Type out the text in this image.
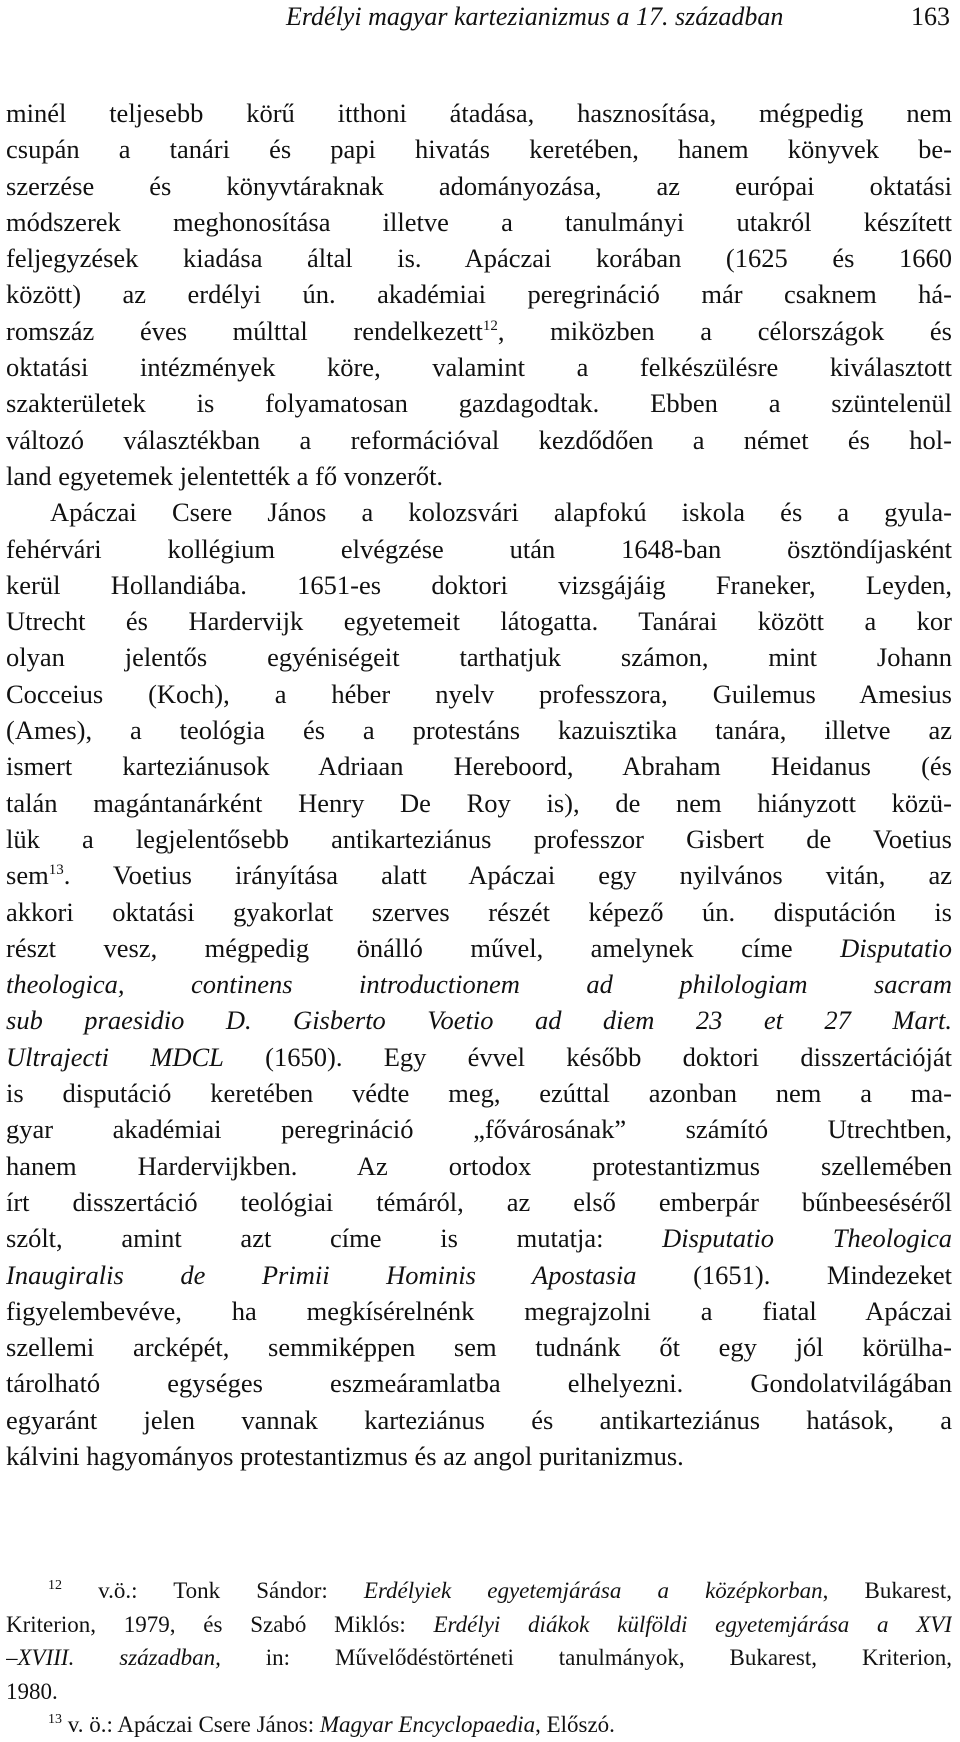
Erdélyi magyar kartezianizmus a 17. században	163
minél teljesebb körű itthoni átadása, hasznosítása, mégpedig nem
csupán a tanári és papi hivatás keretében, hanem könyvek be-
szerzése és könyvtáraknak adományozása, az európai oktatási
módszerek meghonosítása illetve a tanulmányi utakról készített
feljegyzések kiadása által is. Apáczai korában (1625 és 1660
között) az erdélyi ún. akadémiai peregrináció már csaknem há-
romszáz éves múlttal rendelkezett$^{12}$, miközben a célországok és
oktatási intézmények köre, valamint a felkészülésre kiválasztott
szakterületek is folyamatosan gazdagodtak. Ebben a szüntelenül
változó választékban a reformációval kezdődően a német és hol-
land egyetemek jelentették a fő vonzerőt.
Apáczai Csere János a kolozsvári alapfokú iskola és a gyula-
fehérvári kollégium elvégzése után 1648-ban ösztöndíjasként
kerül Hollandiába. 1651-es doktori vizsgájáig Franeker, Leyden,
Utrecht és Hardervijk egyetemeit látogatta. Tanárai között a kor
olyan jelentős egyéniségeit tarthatjuk számon, mint Johann
Cocceius (Koch), a héber nyelv professzora, Guilemus Amesius
(Ames), a teológia és a protestáns kazuisztika tanára, illetve az
ismert karteziánusok Adriaan Hereboord, Abraham Heidanus (és
talán magántanárként Henry De Roy is), de nem hiányzott közü-
lük a legjelentősebb antikarteziánus professzor Gisbert de Voetius
sem$^{13}$. Voetius irányítása alatt Apáczai egy nyilvános vitán, az
akkori oktatási gyakorlat szerves részét képező ún. disputáción is
részt vesz, mégpedig önálló művel, amelynek címe Disputatio
theologica, continens introductionem ad philologiam sacram
sub praesidio D. Gisberto Voetio ad diem 23 et 27 Mart.
Ultrajecti MDCL (1650). Egy évvel később doktori disszertációját
is disputáció keretében védte meg, ezúttal azonban nem a ma-
gyar akadémiai peregrináció „fővárosának” számító Utrechtben,
hanem Hardervijkben. Az ortodox protestantizmus szellemében
írt disszertáció teológiai témáról, az első emberpár bűnbeeséséről
szólt, amint azt címe is mutatja: Disputatio Theologica
Inaugiralis de Primii Hominis Apostasia (1651). Mindezeket
figyelembevéve, ha megkísérelnénk megrajzolni a fiatal Apáczai
szellemi arcképét, semmiképpen sem tudnánk őt egy jól körülha-
tárolható egységes eszmeáramlatba elhelyezni. Gondolatvilágában
egyaránt jelen vannak karteziánus és antikarteziánus hatások, a
kálvini hagyományos protestantizmus és az angol puritanizmus.
$^{12}$ v.ö.: Tonk Sándor: Erdélyiek egyetemjárása a középkorban, Bukarest,
Kriterion, 1979, és Szabó Miklós: Erdélyi diákok külföldi egyetemjárása a XVI
–XVIII. században, in: Művelődéstörténeti tanulmányok, Bukarest, Kriterion,
1980.
$^{13}$ v. ö.: Apáczai Csere János: Magyar Encyclopaedia, Előszó.
